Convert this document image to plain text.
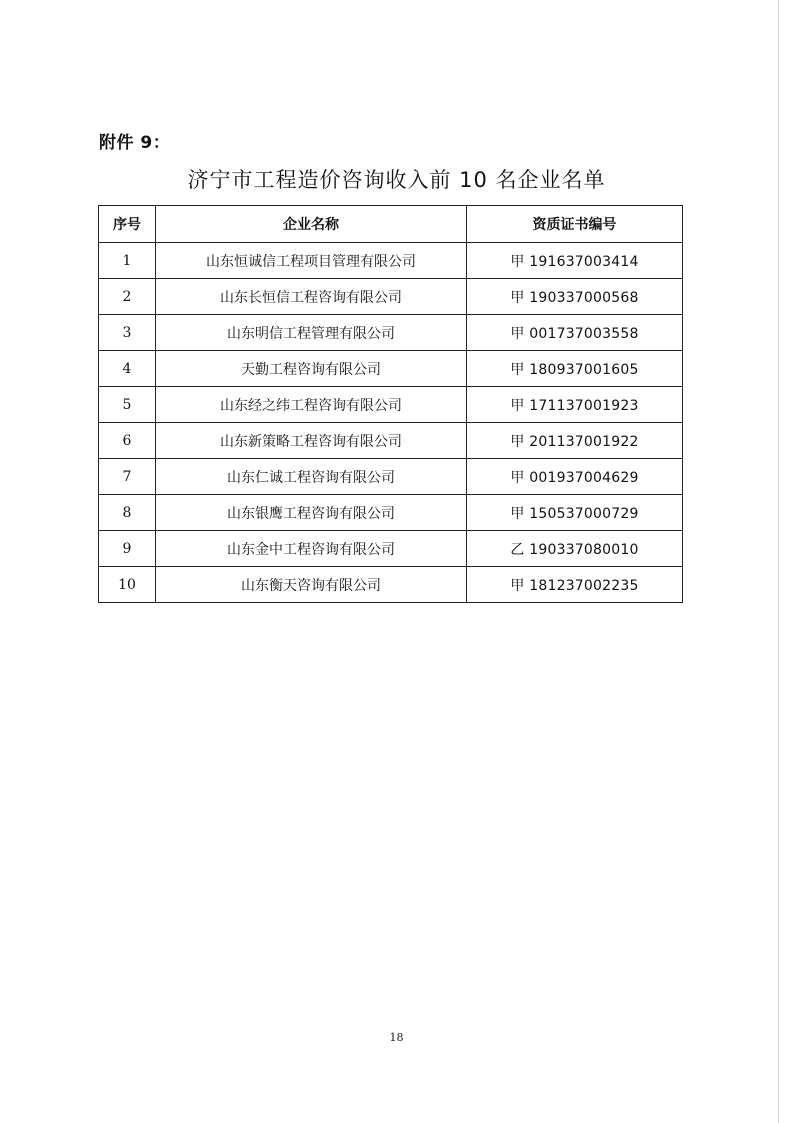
附件 9：
济宁市工程造价咨询收入前 10 名企业名单
序号	企业名称	资质证书编号
1	山东恒诚信工程项目管理有限公司	甲 191637003414
2	山东长恒信工程咨询有限公司	甲 190337000568
3	山东明信工程管理有限公司	甲 001737003558
4	天勤工程咨询有限公司	甲 180937001605
5	山东经之纬工程咨询有限公司	甲 171137001923
6	山东新策略工程咨询有限公司	甲 201137001922
7	山东仁诚工程咨询有限公司	甲 001937004629
8	山东银鹰工程咨询有限公司	甲 150537000729
9	山东金中工程咨询有限公司	乙 190337080010
10	山东衡天咨询有限公司	甲 181237002235
18
